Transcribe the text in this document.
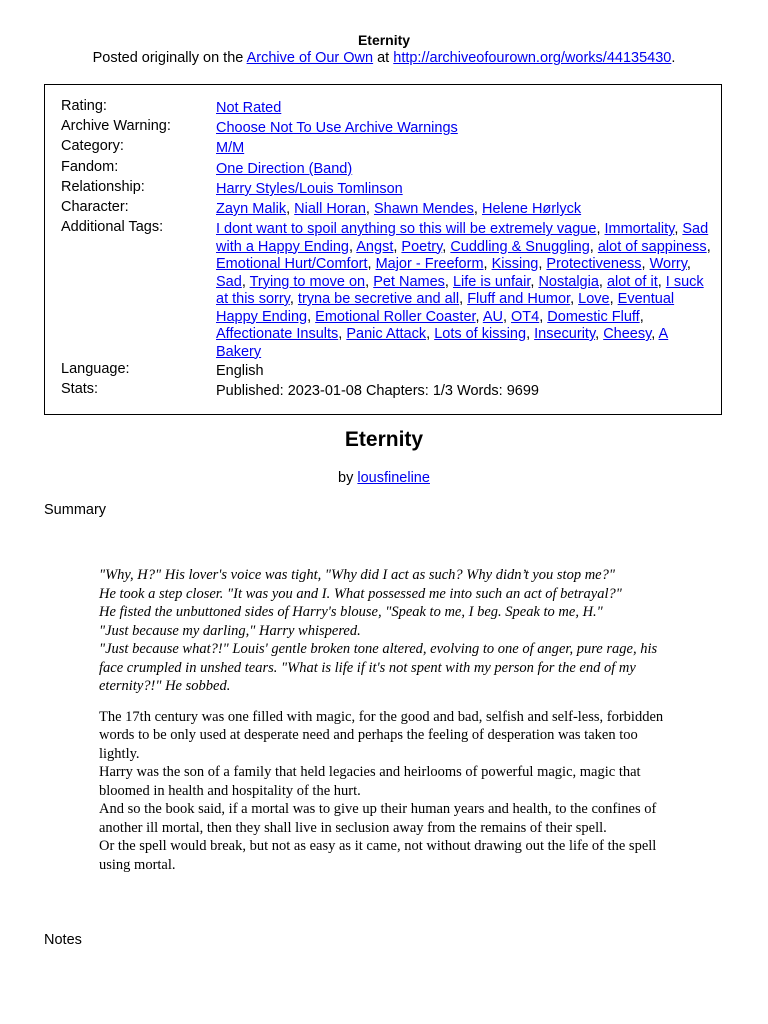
Eternity
Posted originally on the Archive of Our Own at http://archiveofourown.org/works/44135430.
Rating:	Not Rated
Archive Warning:	Choose Not To Use Archive Warnings
Category:	M/M
Fandom:	One Direction (Band)
Relationship:	Harry Styles/Louis Tomlinson
Character:	Zayn Malik, Niall Horan, Shawn Mendes, Helene Hørlyck
Additional Tags:	I dont want to spoil anything so this will be extremely vague, Immortality, Sad with a Happy Ending, Angst, Poetry, Cuddling & Snuggling, alot of sappiness, Emotional Hurt/Comfort, Major - Freeform, Kissing, Protectiveness, Worry, Sad, Trying to move on, Pet Names, Life is unfair, Nostalgia, alot of it, I suck at this sorry, tryna be secretive and all, Fluff and Humor, Love, Eventual Happy Ending, Emotional Roller Coaster, AU, OT4, Domestic Fluff, Affectionate Insults, Panic Attack, Lots of kissing, Insecurity, Cheesy, A Bakery
Language:	English
Stats:	Published: 2023-01-08 Chapters: 1/3 Words: 9699
Eternity
by lousfineline
Summary

"Why, H?" His lover's voice was tight, "Why did I act as such? Why didn’t you stop me?"

He took a step closer. "It was you and I. What possessed me into such an act of betrayal?"

He fisted the unbuttoned sides of Harry's blouse, "Speak to me, I beg. Speak to me, H."

"Just because my darling," Harry whispered.

"Just because what?!" Louis' gentle broken tone altered, evolving to one of anger, pure rage, his face crumpled in unshed tears. "What is life if it's not spent with my person for the end of my eternity?!" He sobbed.

The 17th century was one filled with magic, for the good and bad, selfish and self-less, forbidden words to be only used at desperate need and perhaps the feeling of desperation was taken too lightly.

Harry was the son of a family that held legacies and heirlooms of powerful magic, magic that bloomed in health and hospitality of the hurt.

And so the book said, if a mortal was to give up their human years and health, to the confines of another ill mortal, then they shall live in seclusion away from the remains of their spell.

Or the spell would break, but not as easy as it came, not without drawing out the life of the spell using mortal.

Notes
